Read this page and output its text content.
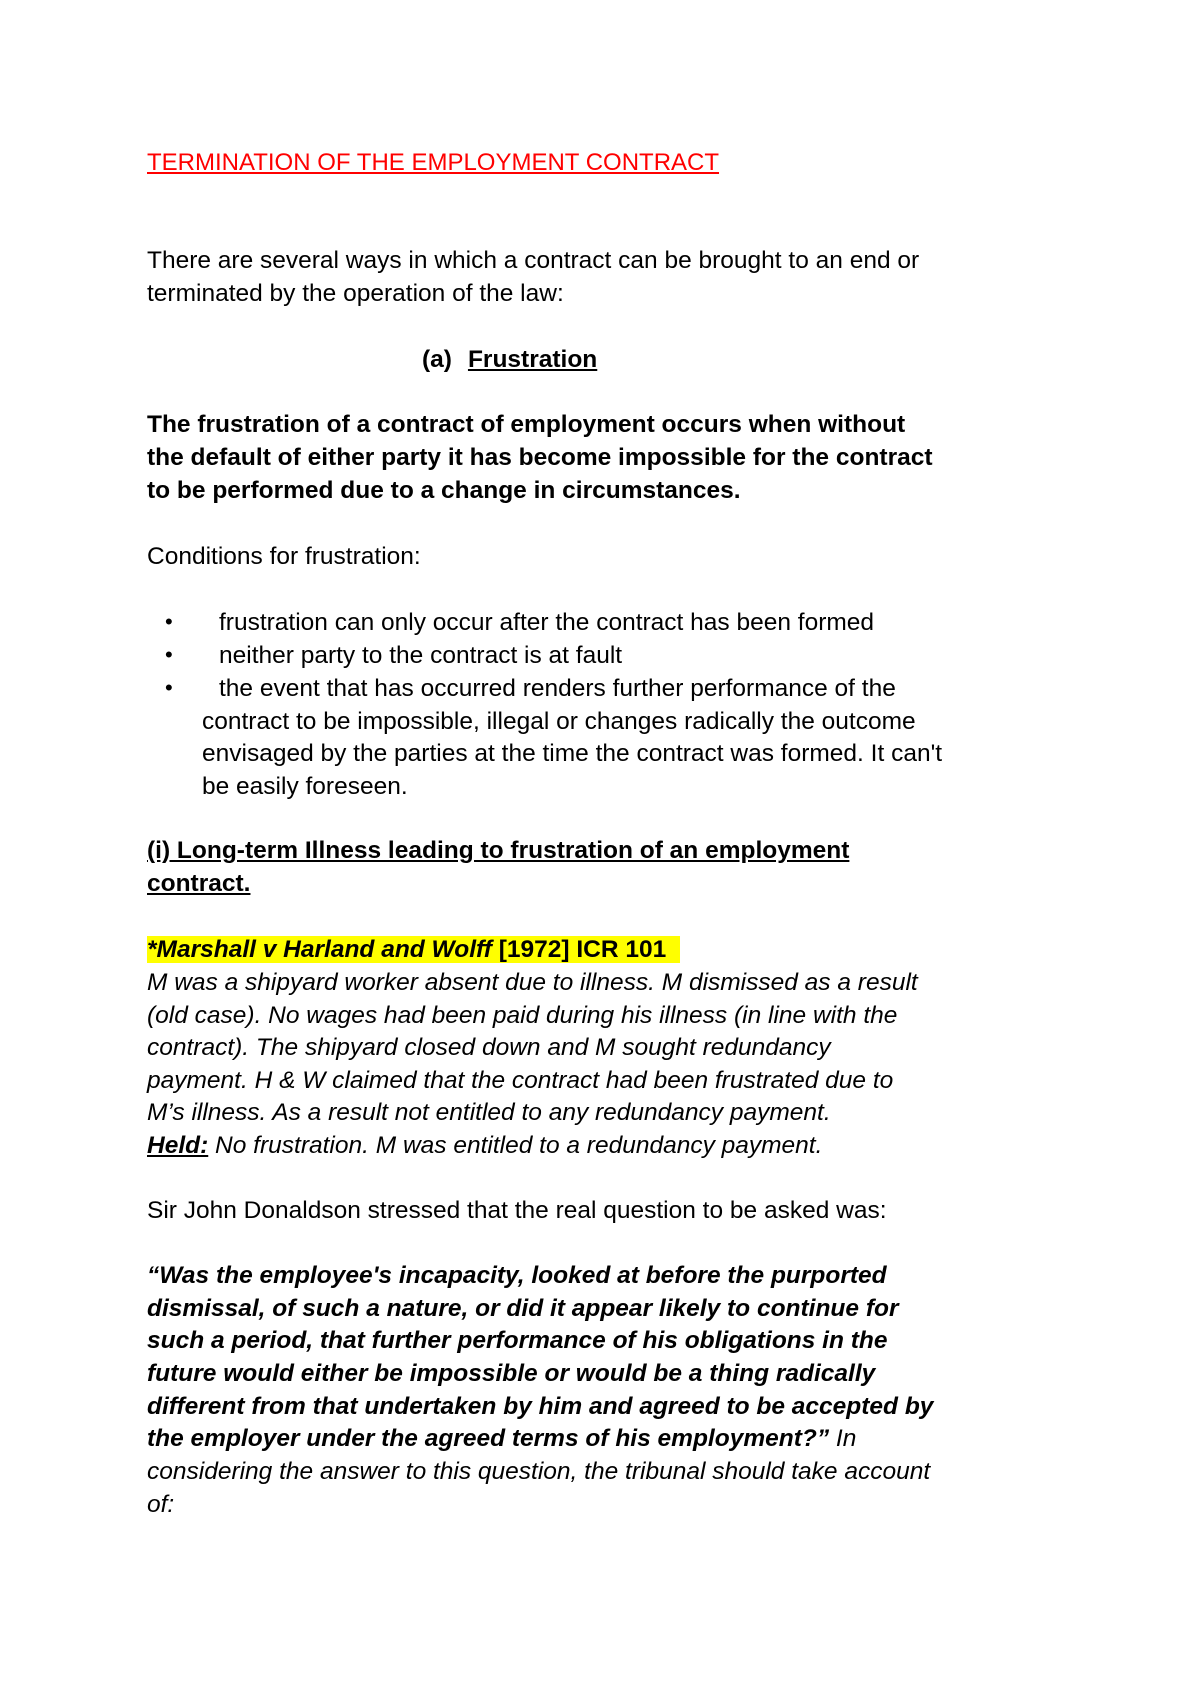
TERMINATION OF THE EMPLOYMENT CONTRACT
There are several ways in which a contract can be brought to an end or
terminated by the operation of the law:
(a) Frustration
The frustration of a contract of employment occurs when without
the default of either party it has become impossible for the contract
to be performed due to a change in circumstances.
Conditions for frustration:
• frustration can only occur after the contract has been formed
• neither party to the contract is at fault
• the event that has occurred renders further performance of the
contract to be impossible, illegal or changes radically the outcome
envisaged by the parties at the time the contract was formed. It can't
be easily foreseen.
(i) Long-term Illness leading to frustration of an employment
contract.
*Marshall v Harland and Wolff [1972] ICR 101
M was a shipyard worker absent due to illness. M dismissed as a result
(old case). No wages had been paid during his illness (in line with the
contract). The shipyard closed down and M sought redundancy
payment. H & W claimed that the contract had been frustrated due to
M’s illness. As a result not entitled to any redundancy payment.
Held: No frustration. M was entitled to a redundancy payment.
Sir John Donaldson stressed that the real question to be asked was:
“Was the employee's incapacity, looked at before the purported
dismissal, of such a nature, or did it appear likely to continue for
such a period, that further performance of his obligations in the
future would either be impossible or would be a thing radically
different from that undertaken by him and agreed to be accepted by
the employer under the agreed terms of his employment?” In
considering the answer to this question, the tribunal should take account
of:
